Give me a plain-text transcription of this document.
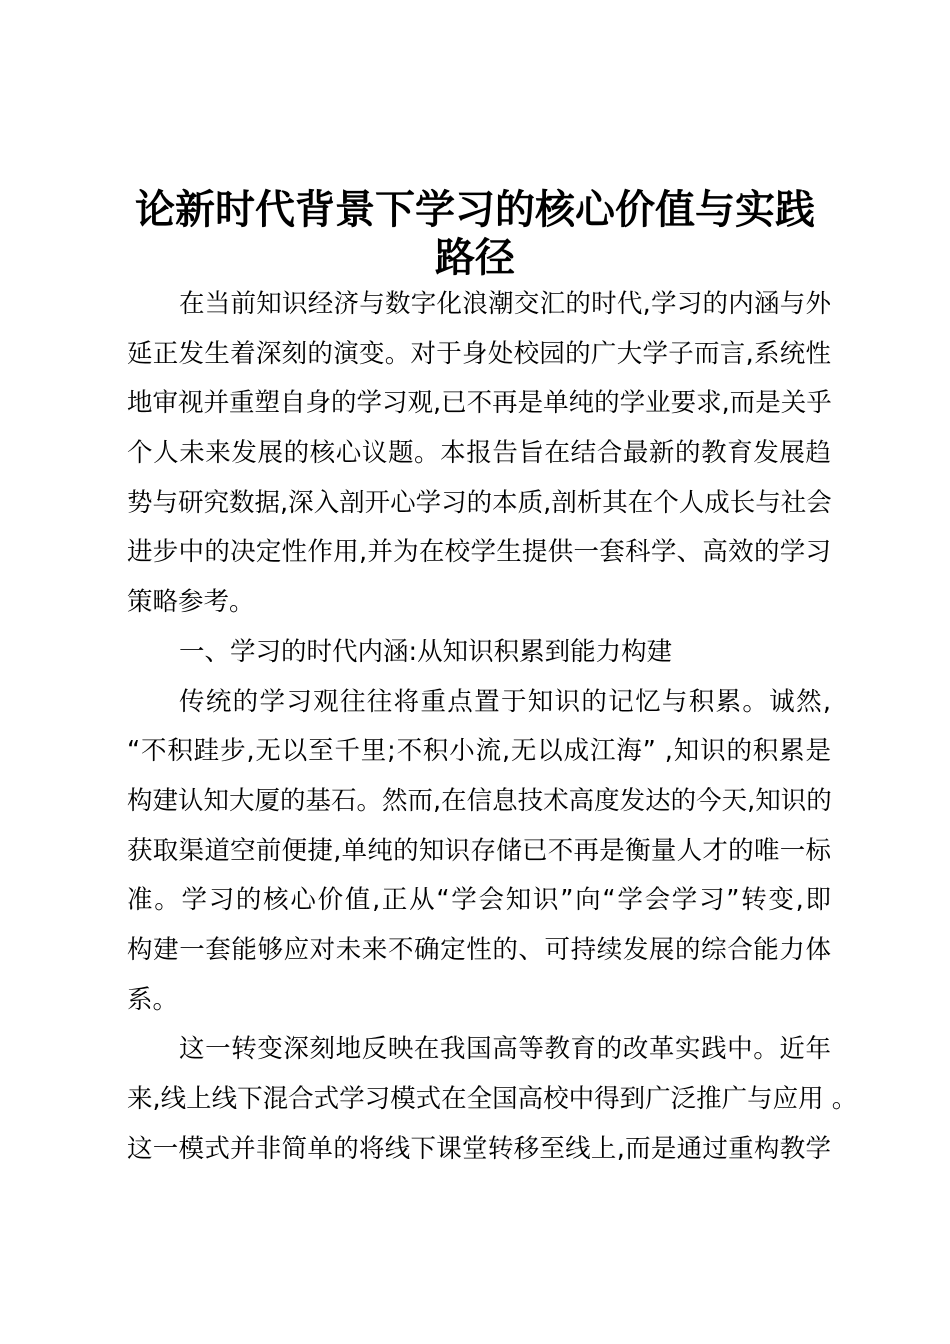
论新时代背景下学习的核心价值与实践
路径
在当前知识经济与数字化浪潮交汇的时代,学习的内涵与外
延正发生着深刻的演变。对于身处校园的广大学子而言,系统性
地审视并重塑自身的学习观,已不再是单纯的学业要求,而是关乎
个人未来发展的核心议题。本报告旨在结合最新的教育发展趋
势与研究数据,深入剖开心学习的本质,剖析其在个人成长与社会
进步中的决定性作用,并为在校学生提供一套科学、高效的学习
策略参考。
一、学习的时代内涵:从知识积累到能力构建
传统的学习观往往将重点置于知识的记忆与积累。诚然,
“不积跬步,无以至千里;不积小流,无以成江海” ,知识的积累是
构建认知大厦的基石。然而,在信息技术高度发达的今天,知识的
获取渠道空前便捷,单纯的知识存储已不再是衡量人才的唯一标
准。学习的核心价值,正从“学会知识”向“学会学习”转变,即
构建一套能够应对未来不确定性的、可持续发展的综合能力体
系。
这一转变深刻地反映在我国高等教育的改革实践中。近年
来,线上线下混合式学习模式在全国高校中得到广泛推广与应用 。
这一模式并非简单的将线下课堂转移至线上,而是通过重构教学
